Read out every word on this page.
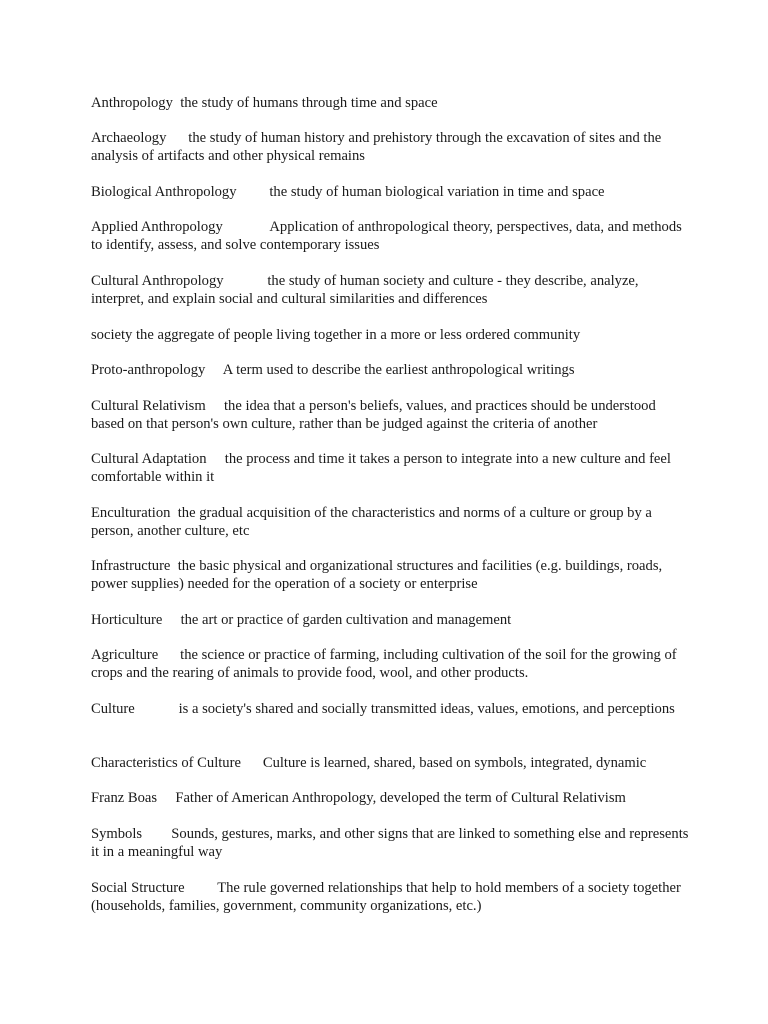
Anthropology  the study of humans through time and space

Archaeology   the study of human history and prehistory through the excavation of sites and the analysis of artifacts and other physical remains

Biological Anthropology   the study of human biological variation in time and space

Applied Anthropology   	Application of anthropological theory, perspectives, data, and methods to identify, assess, and solve contemporary issues

Cultural Anthropology   	the study of human society and culture - they describe, analyze, interpret, and explain social and cultural similarities and differences

society the aggregate of people living together in a more or less ordered community

Proto-anthropology  A term used to describe the earliest anthropological writings

Cultural Relativism  the idea that a person's beliefs, values, and practices should be understood based on that person's own culture, rather than be judged against the criteria of another

Cultural Adaptation  the process and time it takes a person to integrate into a new culture and feel comfortable within it

Enculturation  the gradual acquisition of the characteristics and norms of a culture or group by a person, another culture, etc

Infrastructure  the basic physical and organizational structures and facilities (e.g. buildings, roads, power supplies) needed for the operation of a society or enterprise

Horticulture  the art or practice of garden cultivation and management

Agriculture   the science or practice of farming, including cultivation of the soil for the growing of crops and the rearing of animals to provide food, wool, and other products.

Culture   	is a society's shared and socially transmitted ideas, values, emotions, and perceptions

Characteristics of Culture   Culture is learned, shared, based on symbols, integrated, dynamic

Franz Boas  Father of American Anthropology, developed the term of Cultural Relativism

Symbols   Sounds, gestures, marks, and other signs that are linked to something else and represents it in a meaningful way

Social Structure   The rule governed relationships that help to hold members of a society together (households, families, government, community organizations, etc.)
